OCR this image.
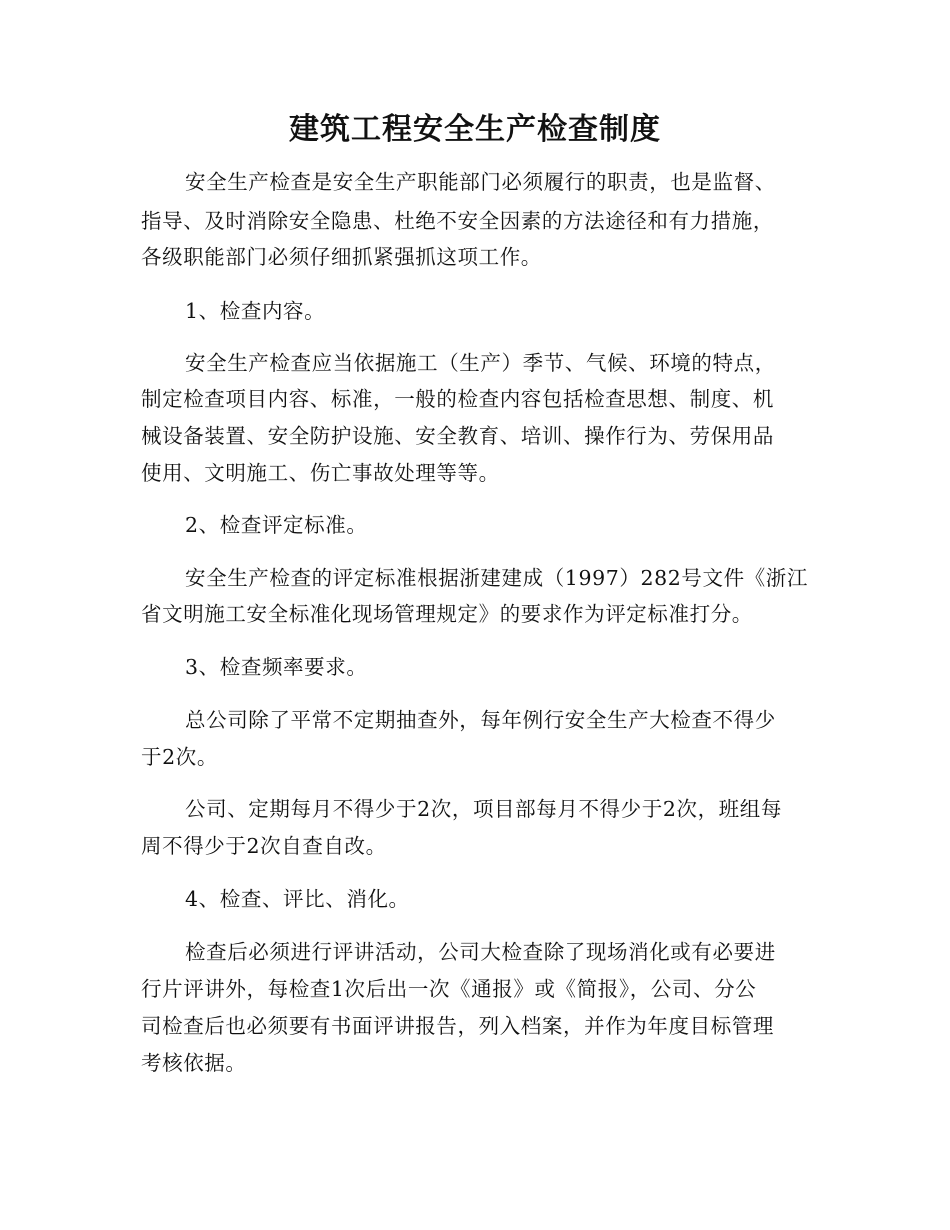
建筑工程安全生产检查制度
安全生产检查是安全生产职能部门必须履行的职责，也是监督、
指导、及时消除安全隐患、杜绝不安全因素的方法途径和有力措施，
各级职能部门必须仔细抓紧强抓这项工作。
1、检查内容。
安全生产检查应当依据施工（生产）季节、气候、环境的特点，
制定检查项目内容、标准，一般的检查内容包括检查思想、制度、机
械设备装置、安全防护设施、安全教育、培训、操作行为、劳保用品
使用、文明施工、伤亡事故处理等等。
2、检查评定标准。
安全生产检查的评定标准根据浙建建成（1997）282号文件《浙江
省文明施工安全标准化现场管理规定》的要求作为评定标准打分。
3、检查频率要求。
总公司除了平常不定期抽查外，每年例行安全生产大检查不得少
于2次。
公司、定期每月不得少于2次，项目部每月不得少于2次，班组每
周不得少于2次自查自改。
4、检查、评比、消化。
检查后必须进行评讲活动，公司大检查除了现场消化或有必要进
行片评讲外，每检查1次后出一次《通报》或《简报》，公司、分公
司检查后也必须要有书面评讲报告，列入档案，并作为年度目标管理
考核依据。
